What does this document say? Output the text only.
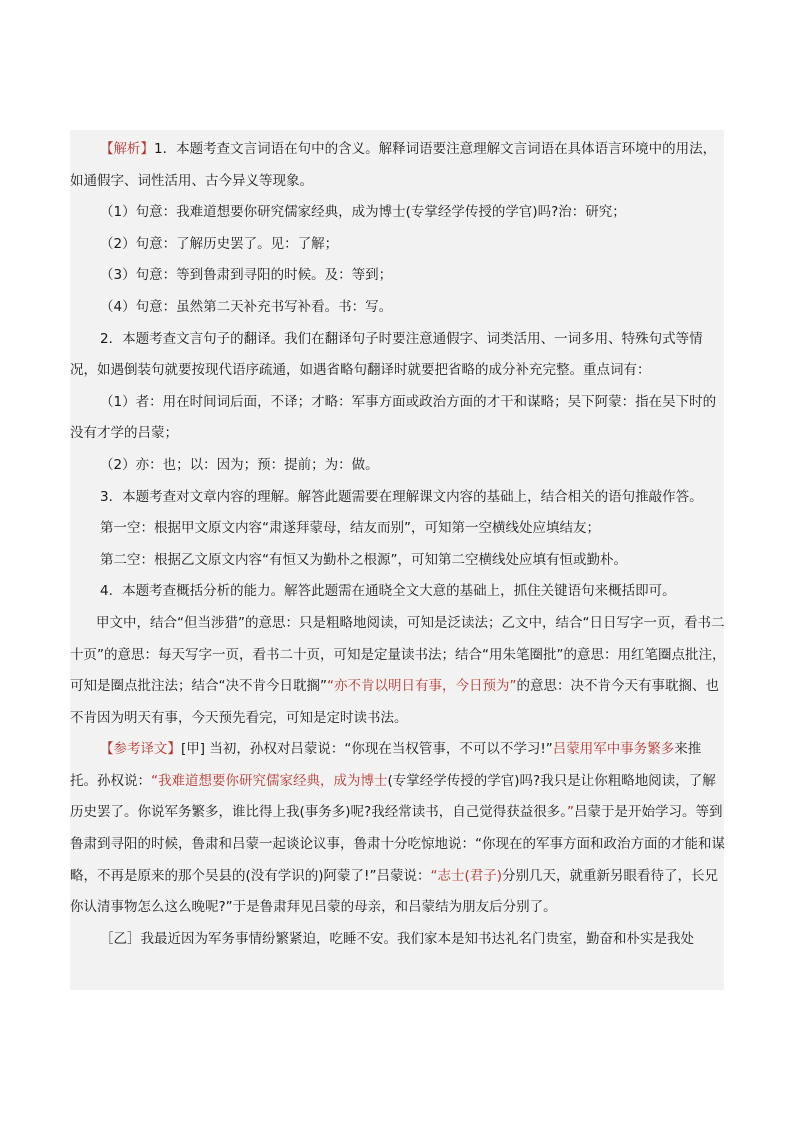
【解析】1．本题考查文言词语在句中的含义。解释词语要注意理解文言词语在具体语言环境中的用法，如通假字、词性活用、古今异义等现象。

（1）句意：我难道想要你研究儒家经典，成为博士(专掌经学传授的学官)吗?治：研究；

（2）句意：了解历史罢了。见：了解；

（3）句意：等到鲁肃到寻阳的时候。及：等到；

（4）句意：虽然第二天补充书写补看。书：写。

2．本题考查文言句子的翻译。我们在翻译句子时要注意通假字、词类活用、一词多用、特殊句式等情况，如遇倒装句就要按现代语序疏通，如遇省略句翻译时就要把省略的成分补充完整。重点词有：

（1）者：用在时间词后面，不译；才略：军事方面或政治方面的才干和谋略；吴下阿蒙：指在吴下时的没有才学的吕蒙；

（2）亦：也；以：因为；预：提前；为：做。

3．本题考查对文章内容的理解。解答此题需要在理解课文内容的基础上，结合相关的语句推敲作答。

第一空：根据甲文原文内容“肃遂拜蒙母，结友而别”，可知第一空横线处应填结友；

第二空：根据乙文原文内容“有恒又为勤朴之根源”，可知第二空横线处应填有恒或勤朴。

4．本题考查概括分析的能力。解答此题需在通晓全文大意的基础上，抓住关键语句来概括即可。

甲文中，结合“但当涉猎”的意思：只是粗略地阅读，可知是泛读法；乙文中，结合“日日写字一页，看书二十页”的意思：每天写字一页，看书二十页，可知是定量读书法；结合“用朱笔圈批”的意思：用红笔圈点批注，可知是圈点批注法；结合“决不肯今日耽搁”“亦不肯以明日有事，今日预为”的意思：决不肯今天有事耽搁、也不肯因为明天有事，今天预先看完，可知是定时读书法。

【参考译文】[甲] 当初，孙权对吕蒙说：“你现在当权管事，不可以不学习!”吕蒙用军中事务繁多来推托。孙权说：“我难道想要你研究儒家经典，成为博士(专掌经学传授的学官)吗?我只是让你粗略地阅读，了解历史罢了。你说军务繁多，谁比得上我(事务多)呢?我经常读书，自己觉得获益很多。”吕蒙于是开始学习。等到鲁肃到寻阳的时候，鲁肃和吕蒙一起谈论议事，鲁肃十分吃惊地说：“你现在的军事方面和政治方面的才能和谋略，不再是原来的那个吴县的(没有学识的)阿蒙了!”吕蒙说：“志士(君子)分别几天，就重新另眼看待了，长兄你认清事物怎么这么晚呢?”于是鲁肃拜见吕蒙的母亲，和吕蒙结为朋友后分别了。

［乙］我最近因为军务事情纷繁紧迫，吃睡不安。我们家本是知书达礼名门贵室，勤奋和朴实是我处
